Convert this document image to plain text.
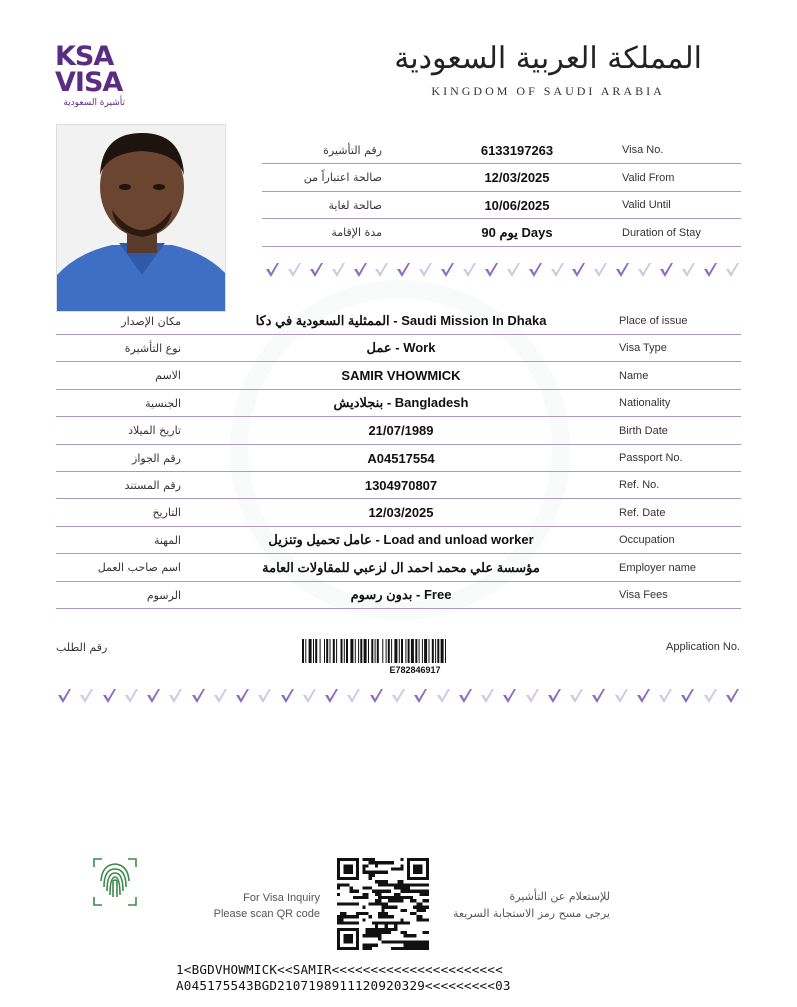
KSA
VISA
تأشيرة السعودية
المملكة العربية السعودية
KINGDOM OF SAUDI ARABIA
رقم التأشيرة	6133197263	Visa No.
صالحة اعتباراً من	12/03/2025	Valid From
صالحة لغاية	10/06/2025	Valid Until
مدة الإقامة	90 يوم Days	Duration of Stay
مكان الإصدار	الممثلية السعودية في دكا - Saudi Mission In Dhaka	Place of issue
نوع التأشيرة	عمل - Work	Visa Type
الاسم	SAMIR VHOWMICK	Name
الجنسية	بنجلاديش - Bangladesh	Nationality
تاريخ الميلاد	21/07/1989	Birth Date
رقم الجواز	A04517554	Passport No.
رقم المستند	1304970807	Ref. No.
التاريخ	12/03/2025	Ref. Date
المهنة	عامل تحميل وتنزيل - Load and unload worker	Occupation
اسم صاحب العمل	مؤسسة علي محمد احمد ال لزعبي للمقاولات العامة	Employer name
الرسوم	بدون رسوم - Free	Visa Fees
رقم الطلب	Application No.
E782846917
For Visa Inquiry
Please scan QR code
للإستعلام عن التأشيرة
يرجى مسح رمز الاستجابة السريعة
1<BGDVHOWMICK<<SAMIR<<<<<<<<<<<<<<<<<<<<<<
A045175543BGD2107198911120920329<<<<<<<<<03
